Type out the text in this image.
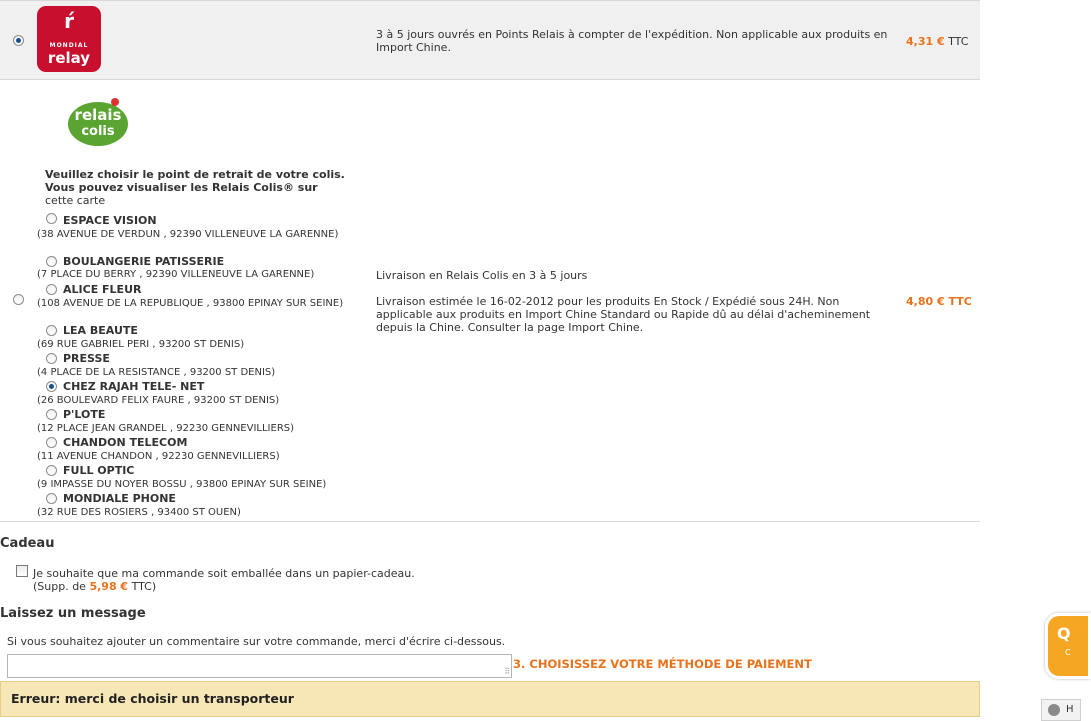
ŕ
MONDIAL
relay
3 à 5 jours ouvrés en Points Relais à compter de l'expédition. Non applicable aux produits en Import Chine.	4,31 € TTC
relais
colis
Veuillez choisir le point de retrait de votre colis.
Vous pouvez visualiser les Relais Colis® sur
cette carte
ESPACE VISION
(38 AVENUE DE VERDUN , 92390 VILLENEUVE LA GARENNE)
BOULANGERIE PATISSERIE
(7 PLACE DU BERRY , 92390 VILLENEUVE LA GARENNE)
ALICE FLEUR
(108 AVENUE DE LA REPUBLIQUE , 93800 EPINAY SUR SEINE)
LEA BEAUTE
(69 RUE GABRIEL PERI , 93200 ST DENIS)
PRESSE
(4 PLACE DE LA RESISTANCE , 93200 ST DENIS)
CHEZ RAJAH TELE- NET
(26 BOULEVARD FELIX FAURE , 93200 ST DENIS)
P'LOTE
(12 PLACE JEAN GRANDEL , 92230 GENNEVILLIERS)
CHANDON TELECOM
(11 AVENUE CHANDON , 92230 GENNEVILLIERS)
FULL OPTIC
(9 IMPASSE DU NOYER BOSSU , 93800 EPINAY SUR SEINE)
MONDIALE PHONE
(32 RUE DES ROSIERS , 93400 ST OUEN)
Livraison en Relais Colis en 3 à 5 jours
Livraison estimée le 16-02-2012 pour les produits En Stock / Expédié sous 24H. Non applicable aux produits en Import Chine Standard ou Rapide dû au délai d'acheminement depuis la Chine. Consulter la page Import Chine.
4,80 € TTC
Cadeau
Je souhaite que ma commande soit emballée dans un papier-cadeau.
(Supp. de 5,98 € TTC)
Laissez un message
Si vous souhaitez ajouter un commentaire sur votre commande, merci d'écrire ci-dessous.
⠿
3. CHOISISSEZ VOTRE MÉTHODE DE PAIEMENT
Erreur: merci de choisir un transporteur
Q
C
H
